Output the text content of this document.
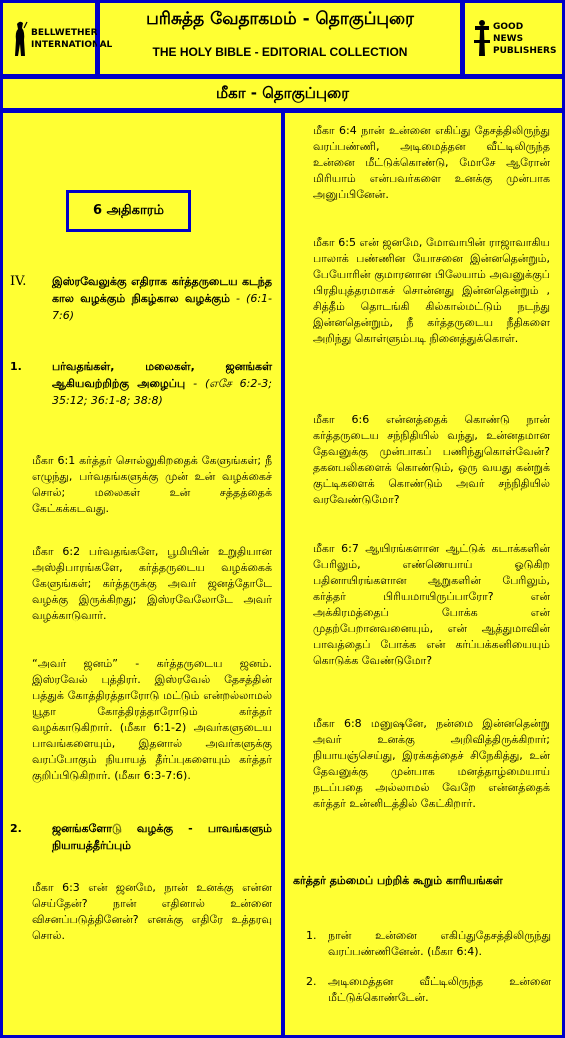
BELLWETHER INTERNATIONAL
பரிசுத்த வேதாகமம் - தொகுப்புரை
THE HOLY BIBLE - EDITORIAL COLLECTION
GOOD NEWS PUBLISHERS
மீகா - தொகுப்புரை
6 அதிகாரம்
IV. இஸ்ரவேலுக்கு எதிராக கர்த்தருடைய கடந்த கால வழக்கும் நிகழ்கால வழக்கும் - (6:1-7:6)
1.	பர்வதங்கள், மலைகள், ஜனங்கள் ஆகியவற்றிற்கு அழைப்பு - (எசே 6:2-3; 35:12; 36:1-8; 38:8)
மீகா 6:1 கர்த்தர் சொல்லுகிறதைக் கேளுங்கள்; நீ எழுந்து, பர்வதங்களுக்கு முன் உன் வழக்கைச் சொல்; மலைகள் உன் சத்தத்தைக் கேட்கக்கடவது.
மீகா 6:2 பர்வதங்களே, பூமியின் உறுதியான அஸ்திபாரங்களே, கர்த்தருடைய வழக்கைக் கேளுங்கள்; கர்த்தருக்கு அவர் ஜனத்தோடே வழக்கு இருக்கிறது; இஸ்ரவேலோடே அவர் வழக்காடுவார்.
“அவர் ஜனம்” - கர்த்தருடைய ஜனம். இஸ்ரவேல் புத்திரர். இஸ்ரவேல் தேசத்தின் பத்துக் கோத்திரத்தாரோடு மட்டும் என்றல்லாமல் யூதா கோத்திரத்தாரோடும் கர்த்தர் வழக்காடுகிறார். (மீகா 6:1-2) அவர்களுடைய பாவங்களையும், இதனால் அவர்களுக்கு வரப்போகும் நியாயத் தீர்ப்புகளையும் கர்த்தர் குறிப்பிடுகிறார். (மீகா 6:3-7:6).
2.	ஜனங்களோடு வழக்கு - பாவங்களும் நியாயத்தீர்ப்பும்
மீகா 6:3 என் ஜனமே, நான் உனக்கு என்ன செய்தேன்? நான் எதினால் உன்னை விசனப்படுத்தினேன்? எனக்கு எதிரே உத்தரவு சொல்.
மீகா 6:4 நான் உன்னை எகிப்து தேசத்திலிருந்து வரப்பண்ணி, அடிமைத்தன வீட்டிலிருந்த உன்னை மீட்டுக்கொண்டு, மோசே ஆரோன் மிரியாம் என்பவர்களை உனக்கு முன்பாக அனுப்பினேன்.
மீகா 6:5 என் ஜனமே, மோவாபின் ராஜாவாகிய பாலாக் பண்ணின யோசனை இன்னதென்றும், பேயோரின் குமாரனான பிலேயாம் அவனுக்குப் பிரதியுத்தரமாகச் சொன்னது இன்னதென்றும் , சித்தீம் தொடங்கி கில்கால்மட்டும் நடந்து இன்னதென்றும், நீ கர்த்தருடைய நீதிகளை அறிந்து கொள்ளும்படி நினைத்துக்கொள்.
மீகா 6:6 என்னத்தைக் கொண்டு நான் கர்த்தருடைய சந்நிதியில் வந்து, உன்னதமான தேவனுக்கு முன்பாகப் பணிந்துகொள்வேன்? தகனபலிகளைக் கொண்டும், ஒரு வயது கன்றுக் குட்டிகளைக் கொண்டும் அவர் சந்நிதியில் வரவேண்டுமோ?
மீகா 6:7 ஆயிரங்களான ஆட்டுக் கடாக்களின் பேரிலும், எண்ணெயாய் ஓடுகிற பதினாயிரங்களான ஆறுகளின் பேரிலும், கர்த்தர் பிரியமாயிருப்பாரோ? என் அக்கிரமத்தைப் போக்க என் முதற்பேறானவனையும், என் ஆத்துமாவின் பாவத்தைப் போக்க என் கர்ப்பக்கனியையும் கொடுக்க வேண்டுமோ?
மீகா 6:8 மனுஷனே, நன்மை இன்னதென்று அவர் உனக்கு அறிவித்திருக்கிறார்; நியாயஞ்செய்து, இரக்கத்தைச் சிநேகித்து, உன் தேவனுக்கு முன்பாக மனத்தாழ்மையாய் நடப்பதை அல்லாமல் வேறே என்னத்தைக் கர்த்தர் உன்னிடத்தில் கேட்கிறார்.
கர்த்தர் தம்மைப் பற்றிக் கூறும் காரியங்கள்
1. நான் உன்னை எகிப்துதேசத்திலிருந்து வரப்பண்ணினேன். (மீகா 6:4).
2. அடிமைத்தன வீட்டிலிருந்த உன்னை மீட்டுக்கொண்டேன்.
